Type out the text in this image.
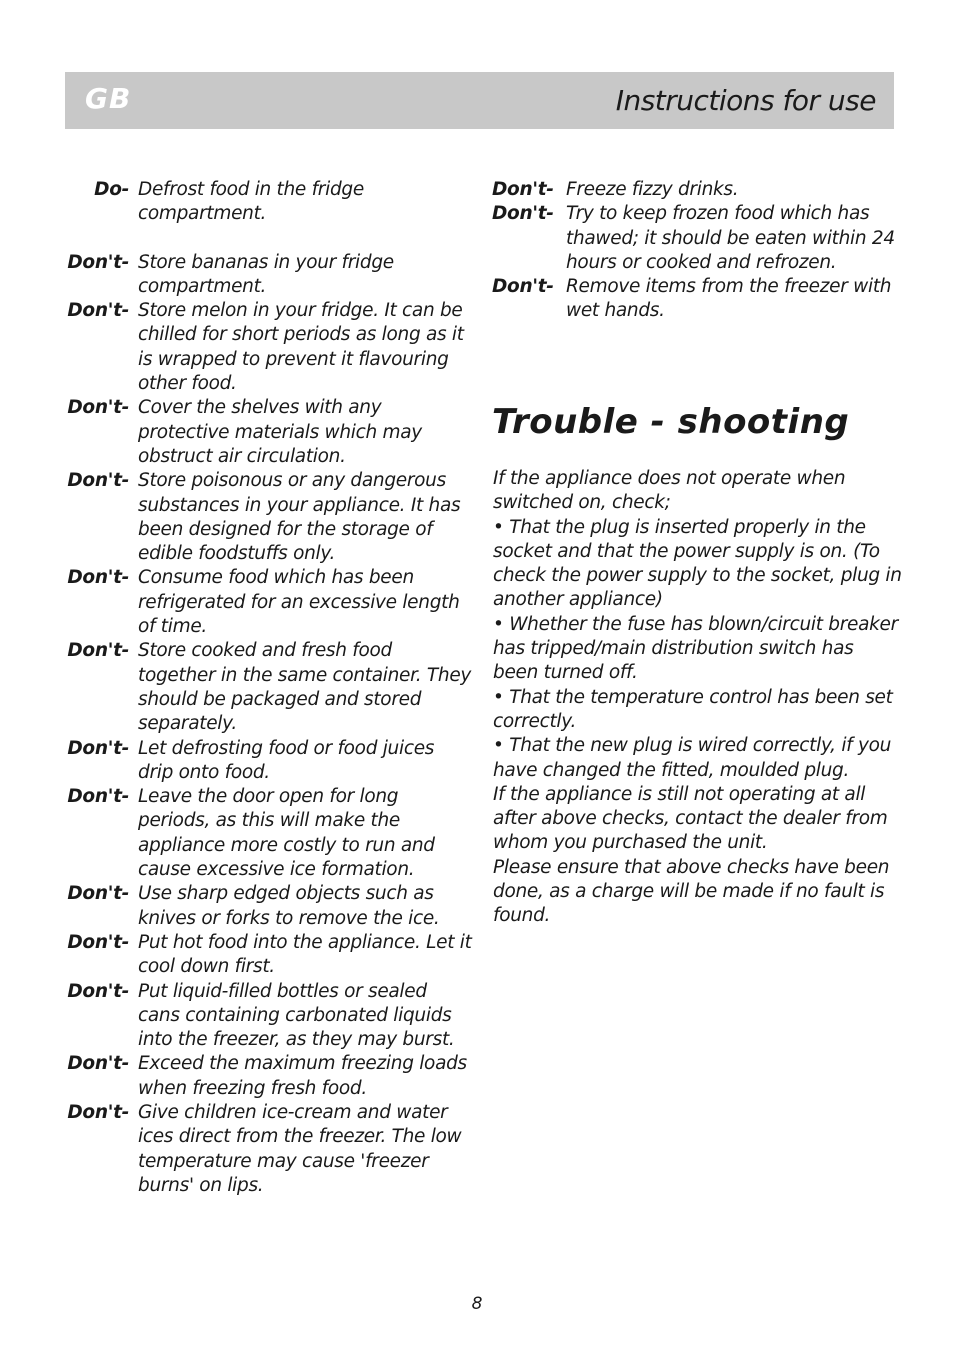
GB	Instructions for use
Do- Defrost food in the fridge compartment.
Don't- Store bananas in your fridge compartment.
Don't- Store melon in your fridge. It can be chilled for short periods as long as it is wrapped to prevent it flavouring other food.
Don't- Cover the shelves with any protective materials which may obstruct air circulation.
Don't- Store poisonous or any dangerous substances in your appliance. It has been designed for the storage of edible foodstuffs only.
Don't- Consume food which has been refrigerated for an excessive length of time.
Don't- Store cooked and fresh food together in the same container. They should be packaged and stored separately.
Don't- Let defrosting food or food juices drip onto food.
Don't- Leave the door open for long periods, as this will make the appliance more costly to run and cause excessive ice formation.
Don't- Use sharp edged objects such as knives or forks to remove the ice.
Don't- Put hot food into the appliance. Let it cool down first.
Don't- Put liquid-filled bottles or sealed cans containing carbonated liquids into the freezer, as they may burst.
Don't- Exceed the maximum freezing loads when freezing fresh food.
Don't- Give children ice-cream and water ices direct from the freezer. The low temperature may cause 'freezer burns' on lips.
Don't- Freeze fizzy drinks.
Don't- Try to keep frozen food which has thawed; it should be eaten within 24 hours or cooked and refrozen.
Don't- Remove items from the freezer with wet hands.
Trouble - shooting

If the appliance does not operate when switched on, check;

• That the plug is inserted properly in the socket and that the power supply is on. (To check the power supply to the socket, plug in another appliance)

• Whether the fuse has blown/circuit breaker has tripped/main distribution switch has been turned off.

• That the temperature control has been set correctly.

• That the new plug is wired correctly, if you have changed the fitted, moulded plug.

If the appliance is still not operating at all after above checks, contact the dealer from whom you purchased the unit.

Please ensure that above checks have been done, as a charge will be made if no fault is found.

8
